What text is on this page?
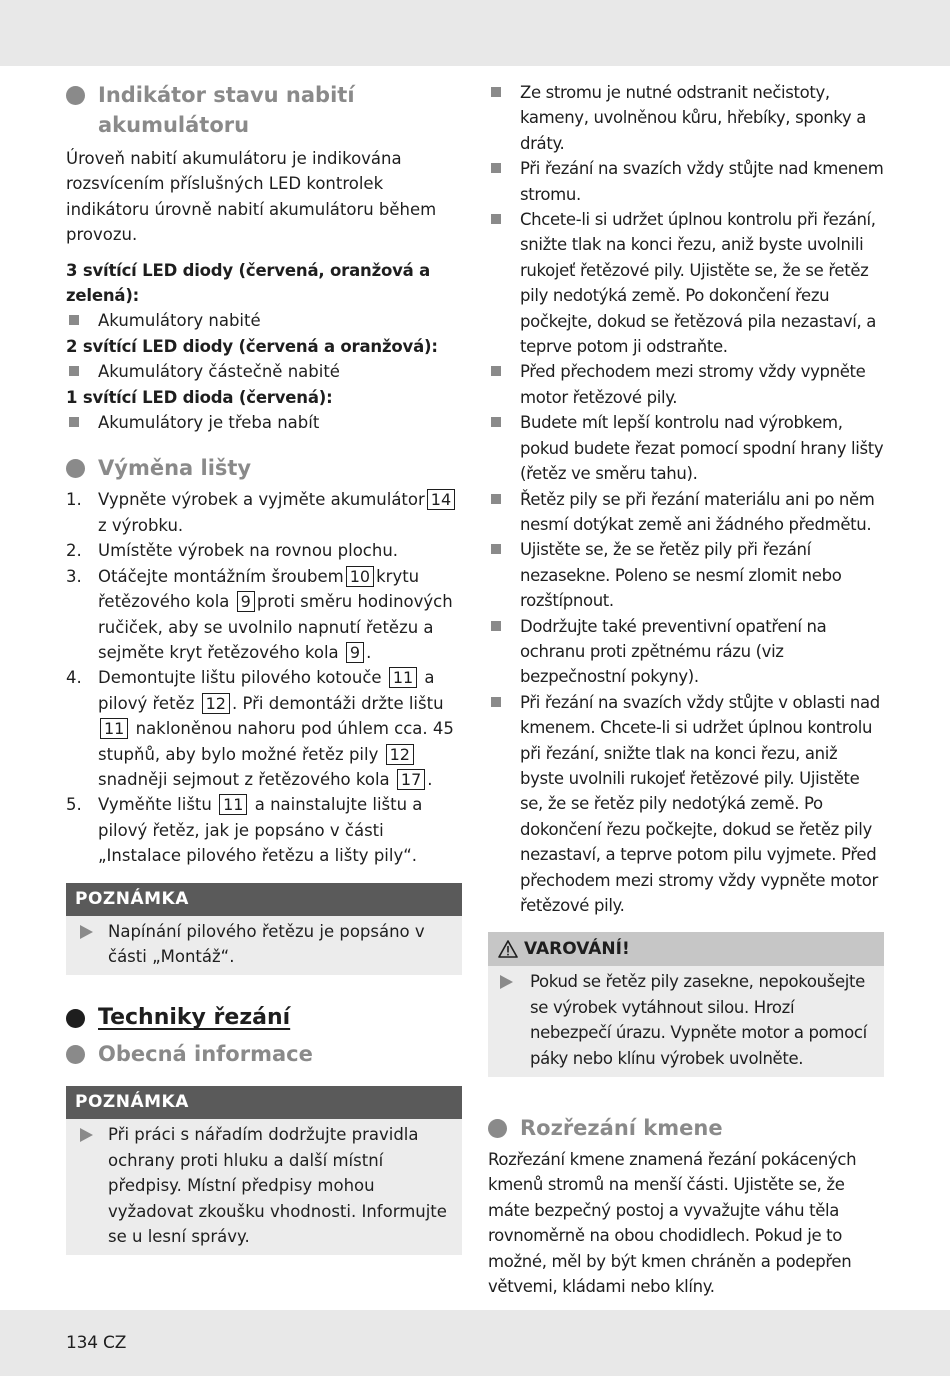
Indikátor stavu nabití akumulátoru

Úroveň nabití akumulátoru je indikována rozsvícením příslušných LED kontrolek indikátoru úrovně nabití akumulátoru během provozu.

3 svítící LED diody (červená, oranžová a zelená):

Akumulátory nabité

2 svítící LED diody (červená a oranžová):

Akumulátory částečně nabité

1 svítící LED dioda (červená):

Akumulátory je třeba nabít

Výměna lišty

1. Vypněte výrobek a vyjměte akumulátor 14 z výrobku.

2. Umístěte výrobek na rovnou plochu.

3. Otáčejte montážním šroubem 10 krytu řetězového kola 9 proti směru hodinových ručiček, aby se uvolnilo napnutí řetězu a sejměte kryt řetězového kola 9 .

4. Demontujte lištu pilového kotouče 11 a pilový řetěz 12 . Při demontáži držte lištu 11 nakloněnou nahoru pod úhlem cca. 45 stupňů, aby bylo možné řetěz pily 12 snadněji sejmout z řetězového kola 17 .

5. Vyměňte lištu 11 a nainstalujte lištu a pilový řetěz, jak je popsáno v části „Instalace pilového řetězu a lišty pily“.

POZNÁMKA

Napínání pilového řetězu je popsáno v části „Montáž“.

Techniky řezání
Obecná informace
POZNÁMKA

Při práci s nářadím dodržujte pravidla ochrany proti hluku a další místní předpisy. Místní předpisy mohou vyžadovat zkoušku vhodnosti. Informujte se u lesní správy.

Ze stromu je nutné odstranit nečistoty, kameny, uvolněnou kůru, hřebíky, sponky a dráty.

Při řezání na svazích vždy stůjte nad kmenem stromu.

Chcete-li si udržet úplnou kontrolu při řezání, snižte tlak na konci řezu, aniž byste uvolnili rukojeť řetězové pily. Ujistěte se, že se řetěz pily nedotýká země. Po dokončení řezu počkejte, dokud se řetězová pila nezastaví, a teprve potom ji odstraňte.

Před přechodem mezi stromy vždy vypněte motor řetězové pily.

Budete mít lepší kontrolu nad výrobkem, pokud budete řezat pomocí spodní hrany lišty (řetěz ve směru tahu).

Řetěz pily se při řezání materiálu ani po něm nesmí dotýkat země ani žádného předmětu.

Ujistěte se, že se řetěz pily při řezání nezasekne. Poleno se nesmí zlomit nebo rozštípnout.

Dodržujte také preventivní opatření na ochranu proti zpětnému rázu (viz bezpečnostní pokyny).

Při řezání na svazích vždy stůjte v oblasti nad kmenem. Chcete-li si udržet úplnou kontrolu při řezání, snižte tlak na konci řezu, aniž byste uvolnili rukojeť řetězové pily. Ujistěte se, že se řetěz pily nedotýká země. Po dokončení řezu počkejte, dokud se řetěz pily nezastaví, a teprve potom pilu vyjmete. Před přechodem mezi stromy vždy vypněte motor řetězové pily.

VAROVÁNÍ!

Pokud se řetěz pily zasekne, nepokoušejte se výrobek vytáhnout silou. Hrozí nebezpečí úrazu. Vypněte motor a pomocí páky nebo klínu výrobek uvolněte.

Rozřezání kmene

Rozřezání kmene znamená řezání pokácených kmenů stromů na menší části. Ujistěte se, že máte bezpečný postoj a vyvažujte váhu těla rovnoměrně na obou chodidlech. Pokud je to možné, měl by být kmen chráněn a podepřen větvemi, kládami nebo klíny.

134 CZ
